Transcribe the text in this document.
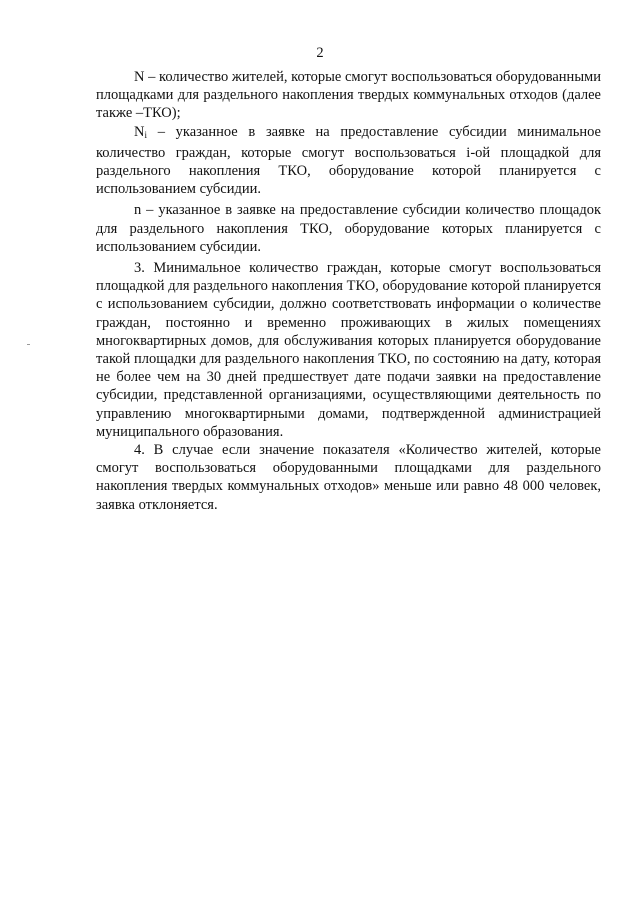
2

N – количество жителей, которые смогут воспользоваться оборудованными площадками для раздельного накопления твердых коммунальных отходов (далее также –ТКО);

$N_i$ – указанное в заявке на предоставление субсидии минимальное количество граждан, которые смогут воспользоваться i-ой площадкой для раздельного накопления ТКО, оборудование которой планируется с использованием субсидии.

n – указанное в заявке на предоставление субсидии количество площадок для раздельного накопления ТКО, оборудование которых планируется с использованием субсидии.

3. Минимальное количество граждан, которые смогут воспользоваться площадкой для раздельного накопления ТКО, оборудование которой планируется с использованием субсидии, должно соответствовать информации о количестве граждан, постоянно и временно проживающих в жилых помещениях многоквартирных домов, для обслуживания которых планируется оборудование такой площадки для раздельного накопления ТКО, по состоянию на дату, которая не более чем на 30 дней предшествует дате подачи заявки на предоставление субсидии, представленной организациями, осуществляющими деятельность по управлению многоквартирными домами, подтвержденной администрацией муниципального образования.

4. В случае если значение показателя «Количество жителей, которые смогут воспользоваться оборудованными площадками для раздельного накопления твердых коммунальных отходов» меньше или равно 48 000 человек, заявка отклоняется.
